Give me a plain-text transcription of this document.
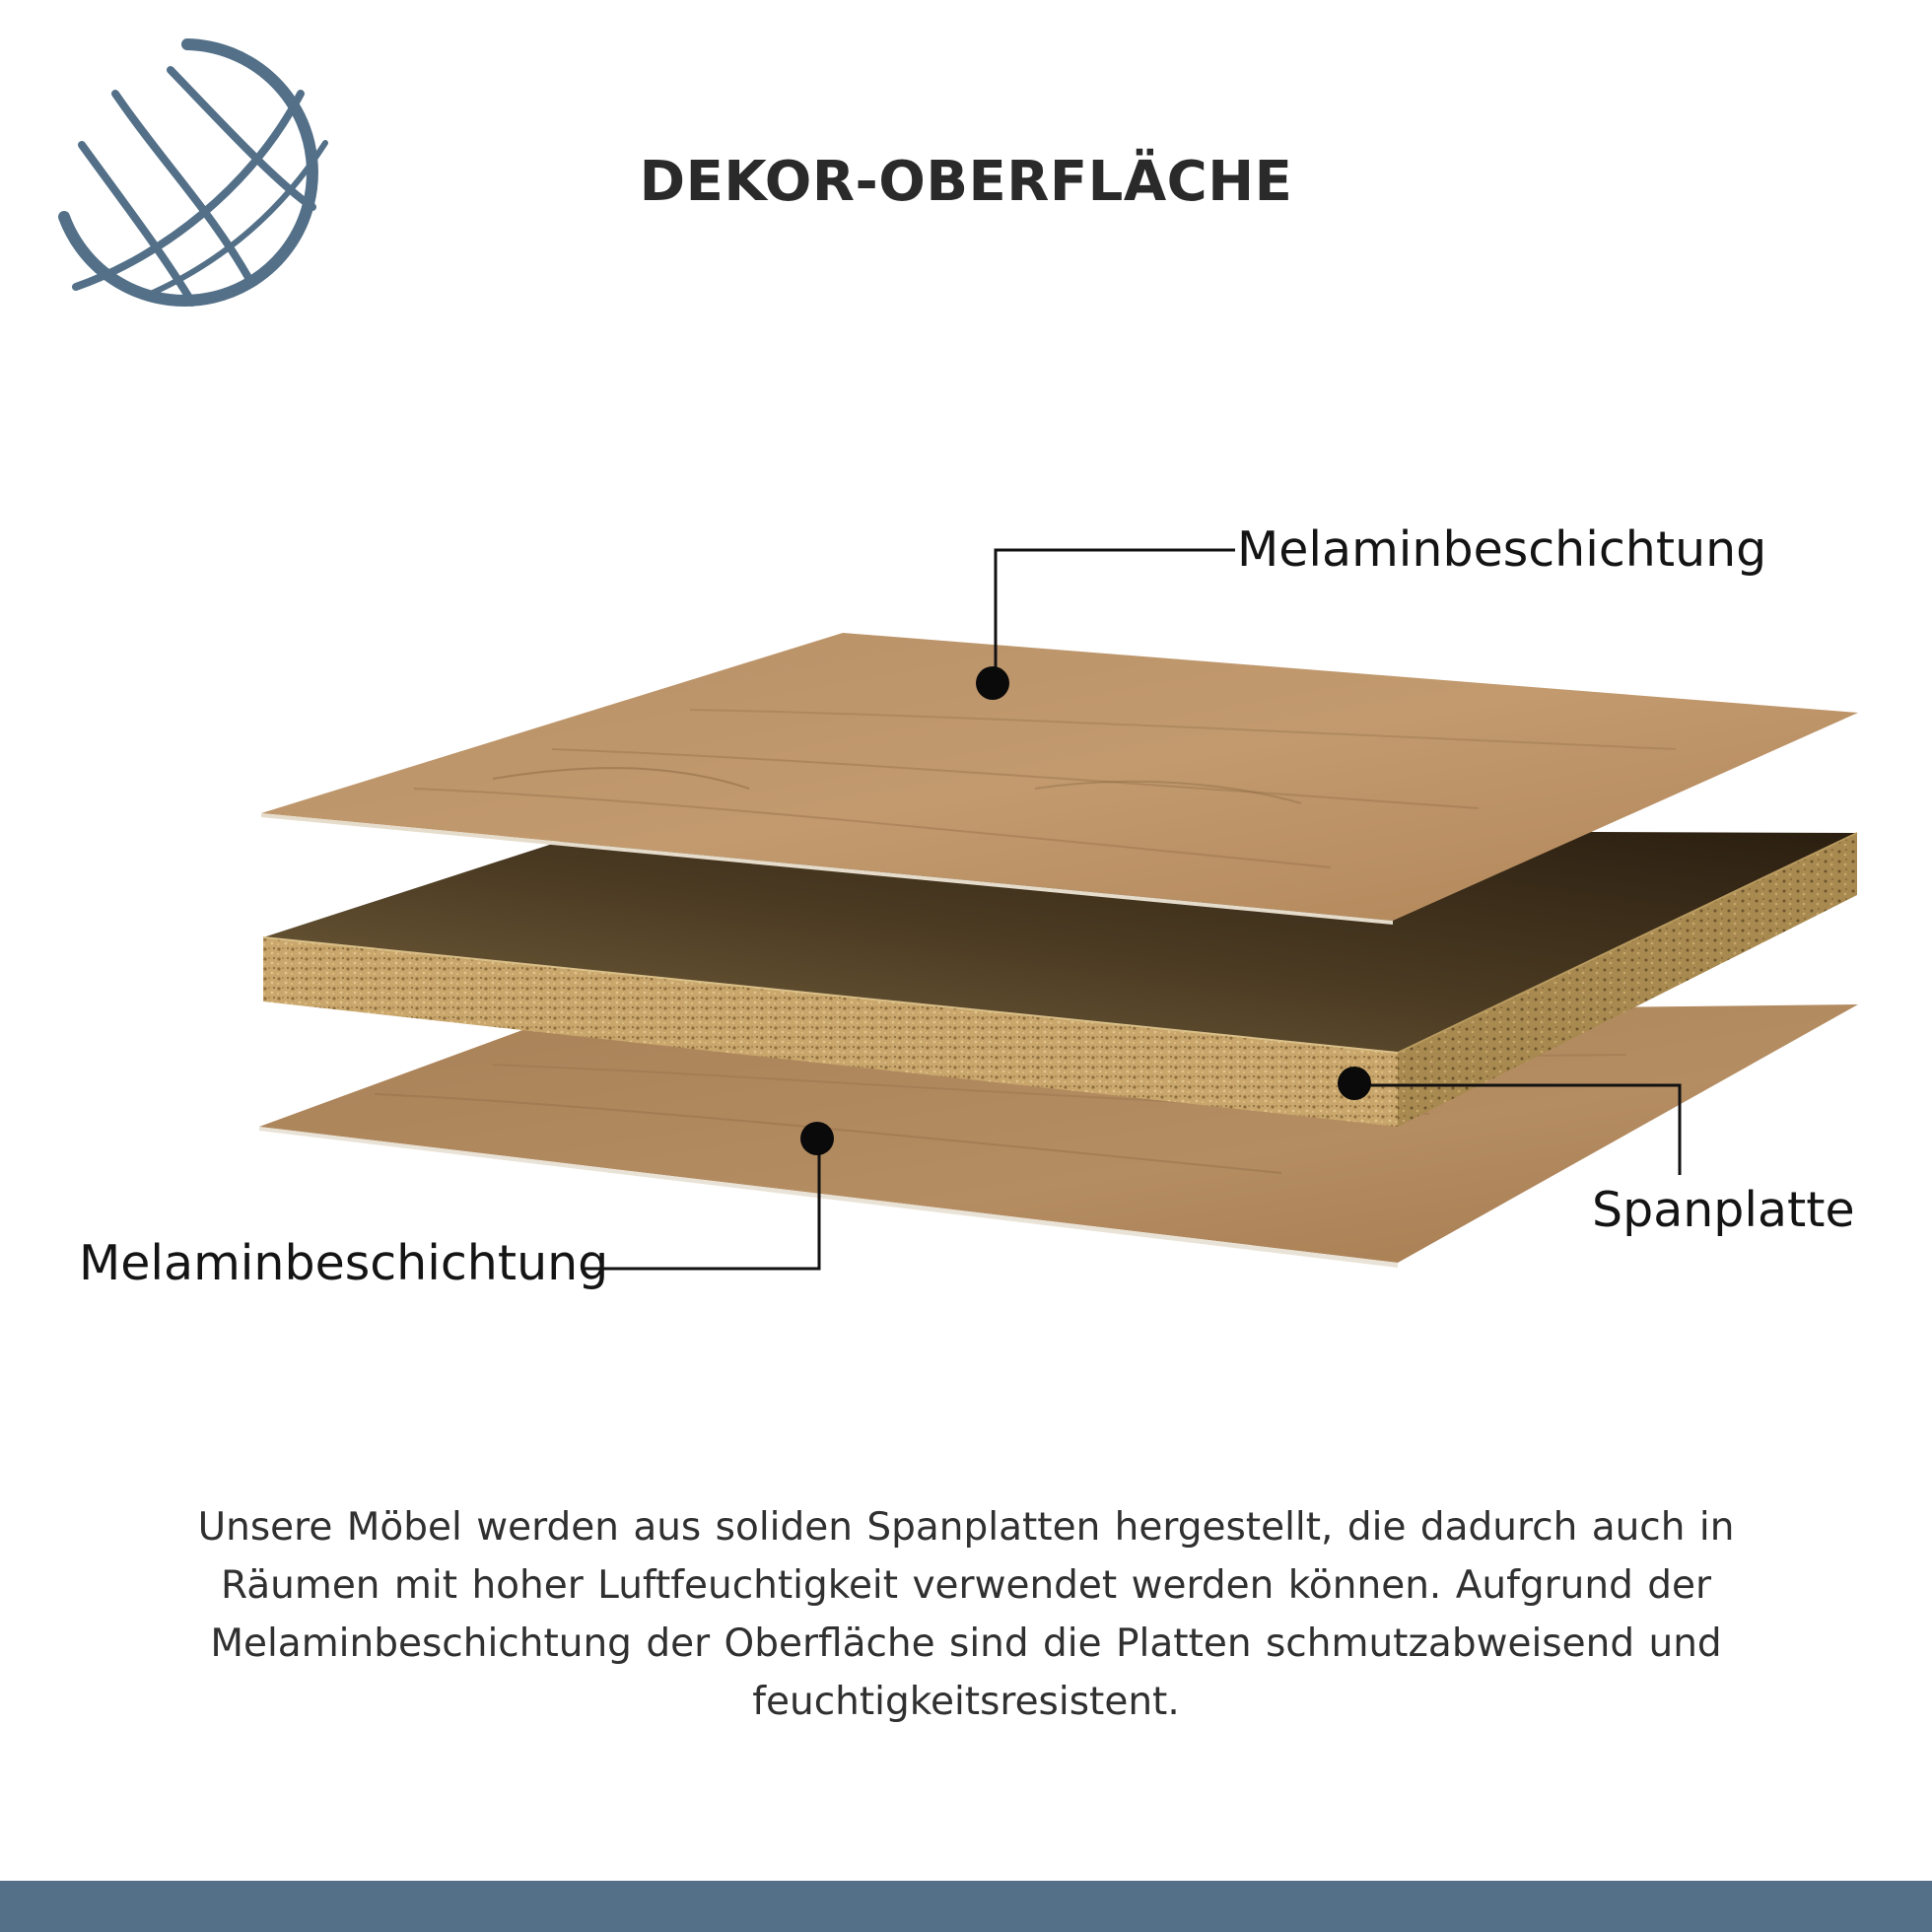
DEKOR-OBERFLÄCHE
Melaminbeschichtung
Spanplatte
Melaminbeschichtung

Unsere Möbel werden aus soliden Spanplatten hergestellt, die dadurch auch in Räumen mit hoher Luftfeuchtigkeit verwendet werden können. Aufgrund der Melaminbeschichtung der Oberfläche sind die Platten schmutzabweisend und feuchtigkeitsresistent.
